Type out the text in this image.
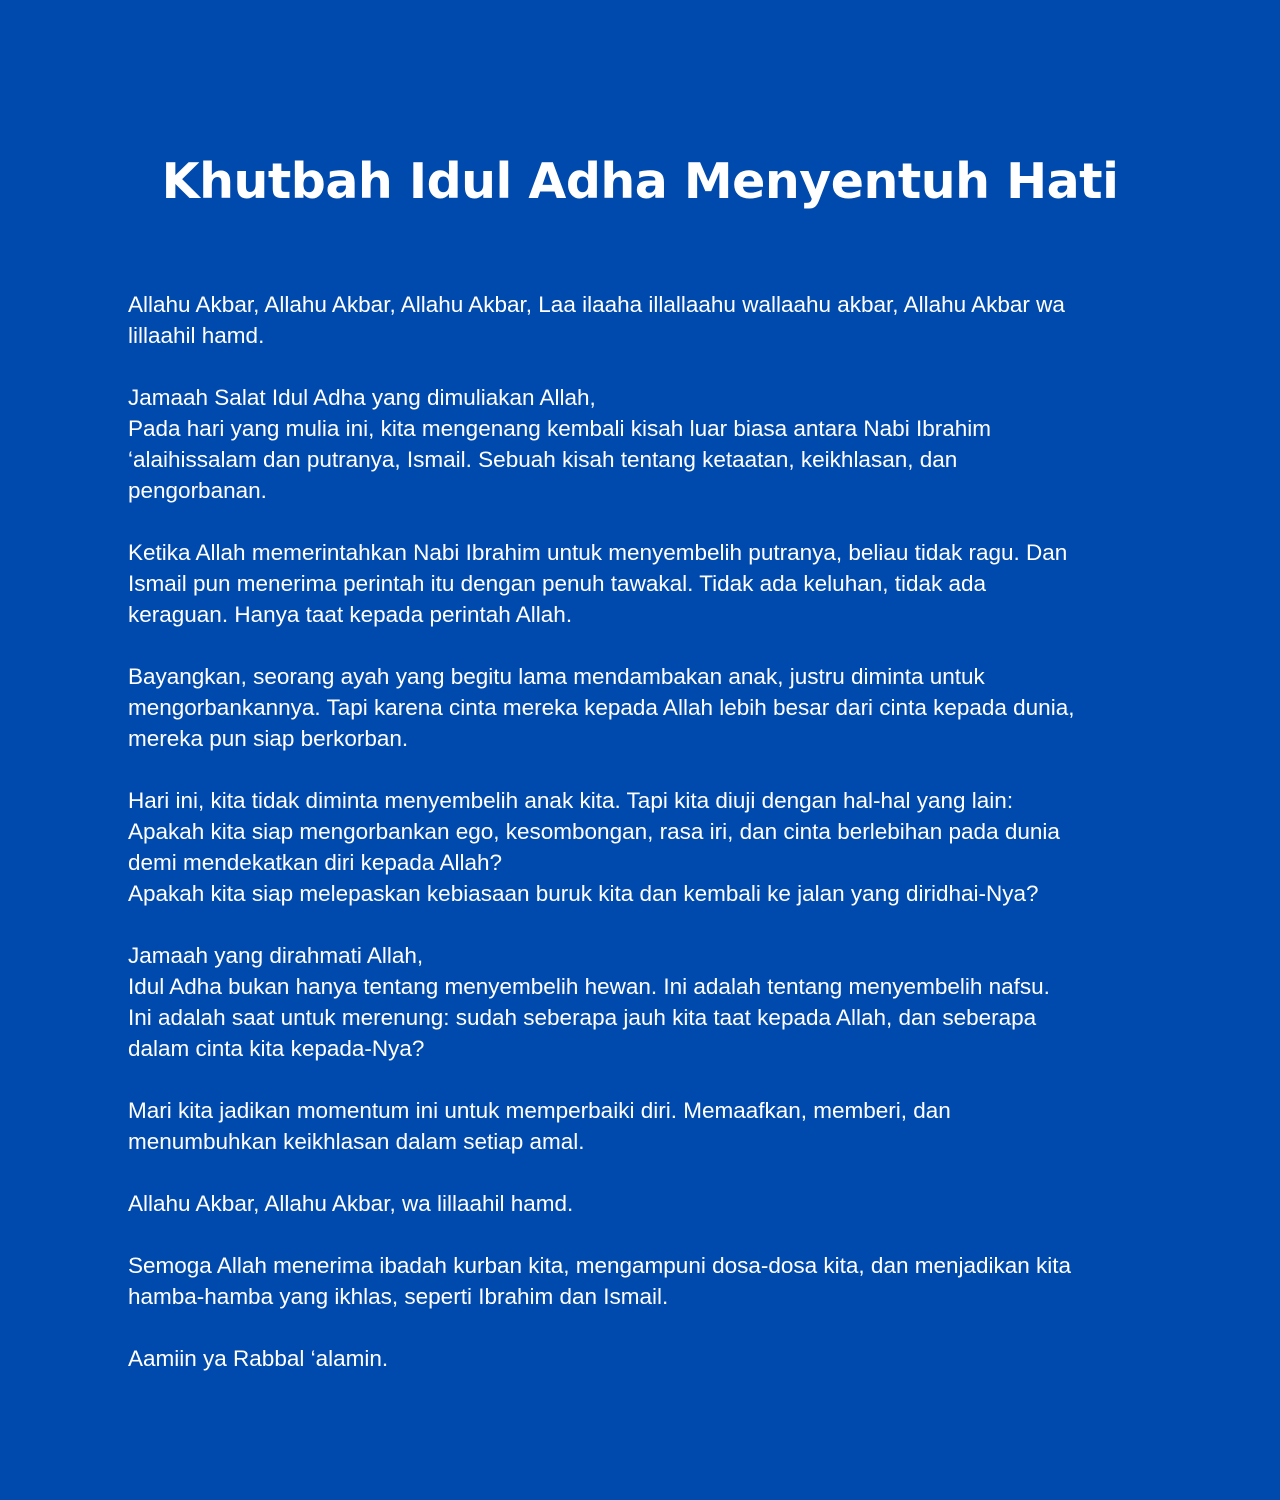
Khutbah Idul Adha Menyentuh Hati

Allahu Akbar, Allahu Akbar, Allahu Akbar, Laa ilaaha illallaahu wallaahu akbar, Allahu Akbar wa
lillaahil hamd.

Jamaah Salat Idul Adha yang dimuliakan Allah,
Pada hari yang mulia ini, kita mengenang kembali kisah luar biasa antara Nabi Ibrahim
‘alaihissalam dan putranya, Ismail. Sebuah kisah tentang ketaatan, keikhlasan, dan
pengorbanan.

Ketika Allah memerintahkan Nabi Ibrahim untuk menyembelih putranya, beliau tidak ragu. Dan
Ismail pun menerima perintah itu dengan penuh tawakal. Tidak ada keluhan, tidak ada
keraguan. Hanya taat kepada perintah Allah.

Bayangkan, seorang ayah yang begitu lama mendambakan anak, justru diminta untuk
mengorbankannya. Tapi karena cinta mereka kepada Allah lebih besar dari cinta kepada dunia,
mereka pun siap berkorban.

Hari ini, kita tidak diminta menyembelih anak kita. Tapi kita diuji dengan hal-hal yang lain:
Apakah kita siap mengorbankan ego, kesombongan, rasa iri, dan cinta berlebihan pada dunia
demi mendekatkan diri kepada Allah?
Apakah kita siap melepaskan kebiasaan buruk kita dan kembali ke jalan yang diridhai-Nya?

Jamaah yang dirahmati Allah,
Idul Adha bukan hanya tentang menyembelih hewan. Ini adalah tentang menyembelih nafsu.
Ini adalah saat untuk merenung: sudah seberapa jauh kita taat kepada Allah, dan seberapa
dalam cinta kita kepada-Nya?

Mari kita jadikan momentum ini untuk memperbaiki diri. Memaafkan, memberi, dan
menumbuhkan keikhlasan dalam setiap amal.

Allahu Akbar, Allahu Akbar, wa lillaahil hamd.

Semoga Allah menerima ibadah kurban kita, mengampuni dosa-dosa kita, dan menjadikan kita
hamba-hamba yang ikhlas, seperti Ibrahim dan Ismail.

Aamiin ya Rabbal ‘alamin.
